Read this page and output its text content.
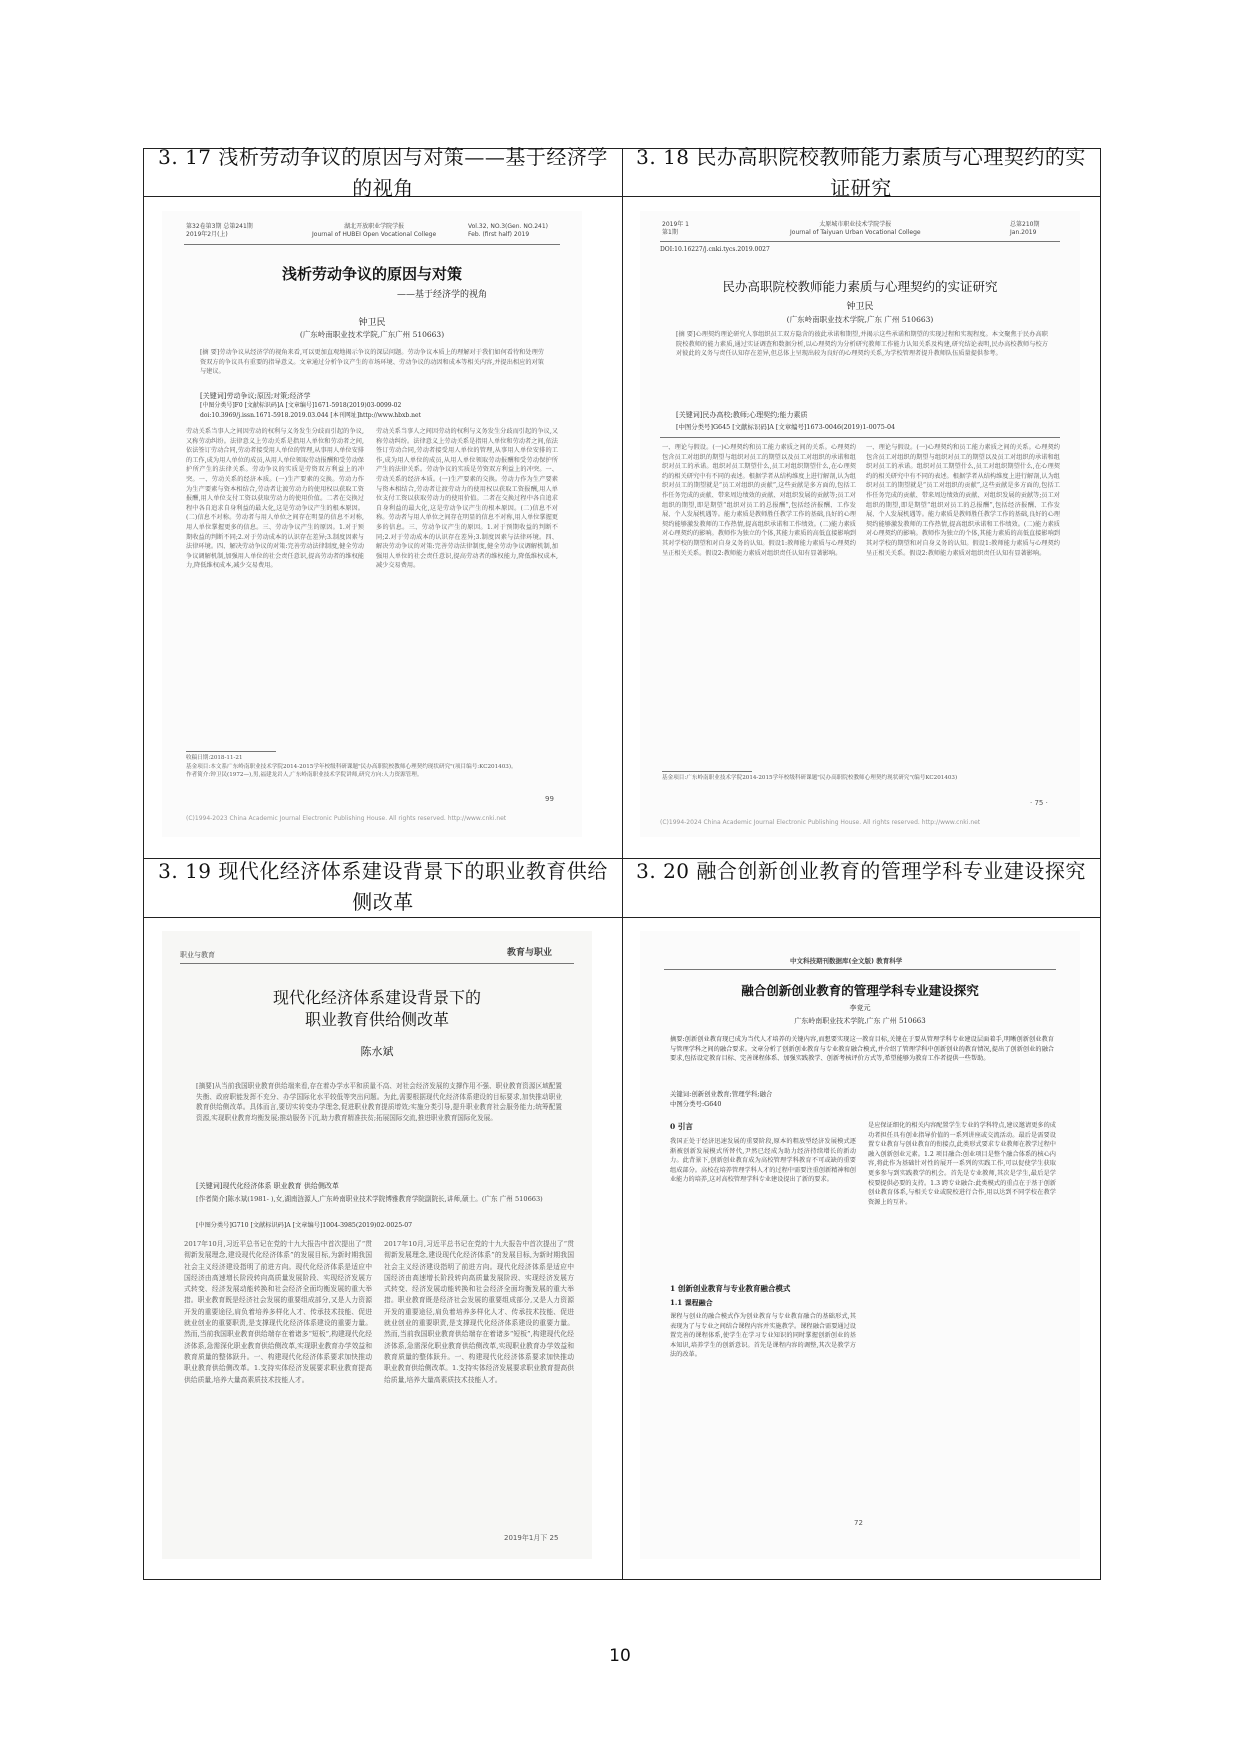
3. 17 浅析劳动争议的原因与对策——基于经济学的视角
3. 18 民办高职院校教师能力素质与心理契约的实证研究
3. 19 现代化经济体系建设背景下的职业教育供给侧改革
3. 20 融合创新创业教育的管理学科专业建设探究
第32卷第3期 总第241期
2019年2月(上)
湖北开放职业学院学报
Journal of HUBEI Open Vocational College
Vol.32, NO.3(Gen. NO.241)
Feb. (first half) 2019
浅析劳动争议的原因与对策
——基于经济学的视角
钟卫民
(广东岭南职业技术学院,广东广州 510663)
[摘 要]劳动争议从经济学的视角来看,可以更加直观地揭示争议的深层问题。劳动争议本质上的理解对于我们如何看待和处理劳资双方的争议具有重要的指导意义。文章通过分析争议产生的市场环境、劳动争议的动因和成本等相关内容,并提出相应的对策与建议。
[关键词]劳动争议;原因;对策;经济学
[中图分类号]F0 [文献标识码]A [文章编号]1671-5918(2019)03-0099-02
doi:10.3969/j.issn.1671-5918.2019.03.044 [本刊网址]http://www.hbxb.net
劳动关系当事人之间因劳动的权利与义务发生分歧而引起的争议,又称劳动纠纷。法律意义上劳动关系是指用人单位和劳动者之间,依法签订劳动合同,劳动者接受用人单位的管理,从事用人单位安排的工作,成为用人单位的成员,从用人单位领取劳动报酬和受劳动保护所产生的法律关系。劳动争议的实质是劳资双方利益上的冲突。一、劳动关系的经济本质。(一)生产要素的交换。劳动力作为生产要素与资本相结合,劳动者让渡劳动力的使用权以获取工资报酬,用人单位支付工资以获取劳动力的使用价值。二者在交换过程中各自追求自身利益的最大化,这是劳动争议产生的根本原因。(二)信息不对称。劳动者与用人单位之间存在明显的信息不对称,用人单位掌握更多的信息。三、劳动争议产生的原因。1.对于预期收益的判断不同;2.对于劳动成本的认识存在差异;3.制度因素与法律环境。四、解决劳动争议的对策:完善劳动法律制度,健全劳动争议调解机制,加强用人单位的社会责任意识,提高劳动者的维权能力,降低维权成本,减少交易费用。
劳动关系当事人之间因劳动的权利与义务发生分歧而引起的争议,又称劳动纠纷。法律意义上劳动关系是指用人单位和劳动者之间,依法签订劳动合同,劳动者接受用人单位的管理,从事用人单位安排的工作,成为用人单位的成员,从用人单位领取劳动报酬和受劳动保护所产生的法律关系。劳动争议的实质是劳资双方利益上的冲突。一、劳动关系的经济本质。(一)生产要素的交换。劳动力作为生产要素与资本相结合,劳动者让渡劳动力的使用权以获取工资报酬,用人单位支付工资以获取劳动力的使用价值。二者在交换过程中各自追求自身利益的最大化,这是劳动争议产生的根本原因。(二)信息不对称。劳动者与用人单位之间存在明显的信息不对称,用人单位掌握更多的信息。三、劳动争议产生的原因。1.对于预期收益的判断不同;2.对于劳动成本的认识存在差异;3.制度因素与法律环境。四、解决劳动争议的对策:完善劳动法律制度,健全劳动争议调解机制,加强用人单位的社会责任意识,提高劳动者的维权能力,降低维权成本,减少交易费用。
收稿日期:2018-11-21
基金项目:本文系广东岭南职业技术学院2014-2015学年校级科研课题"民办高职院校教师心理契约现状研究"(项目编号:KC201403)。
作者简介:钟卫民(1972—),男,福建龙岩人,广东岭南职业技术学院讲师,研究方向:人力资源管理。
99
(C)1994-2023 China Academic Journal Electronic Publishing House. All rights reserved. http://www.cnki.net
2019年 1
第1期
太原城市职业技术学院学报
Journal of Taiyuan Urban Vocational College
总第210期
Jan.2019
DOI:10.16227/j.cnki.tycs.2019.0027
民办高职院校教师能力素质与心理契约的实证研究
钟卫民
(广东岭南职业技术学院,广东 广州 510663)
[摘 要]心理契约理论研究人事组织员工双方隐含的彼此承诺和期望,并揭示这些承诺和期望的实现过程和实现程度。本文聚焦于民办高职院校教师的能力素质,通过实证调查和数据分析,以心理契约为分析研究教师工作能力认知关系及构建,研究结论表明,民办高校教师与校方对彼此的义务与责任认知存在差异,但总体上呈现出较为良好的心理契约关系,为学校管理者提升教师队伍质量提供参考。
[关键词]民办高校;教师;心理契约;能力素质
[中图分类号]G645 [文献标识码]A [文章编号]1673-0046(2019)1-0075-04
一、理论与假设。(一)心理契约和员工能力素质之间的关系。心理契约包含员工对组织的期望与组织对员工的期望以及员工对组织的承诺和组织对员工的承诺。组织对员工期望什么,员工对组织期望什么,在心理契约的相关研究中有不同的表述。根据学者从结构维度上进行解剖,认为组织对员工的期望就是“员工对组织的贡献”,这些贡献是多方面的,包括工作任务完成的贡献、带来周边绩效的贡献、对组织发展的贡献等;员工对组织的期望,即是期望“组织对员工的总报酬”,包括经济报酬、工作发展、个人发展机遇等。能力素质是教师胜任教学工作的基础,良好的心理契约能够激发教师的工作热情,提高组织承诺和工作绩效。(二)能力素质对心理契约的影响。教师作为独立的个体,其能力素质的高低直接影响到其对学校的期望和对自身义务的认知。假设1:教师能力素质与心理契约呈正相关关系。假设2:教师能力素质对组织责任认知有显著影响。
一、理论与假设。(一)心理契约和员工能力素质之间的关系。心理契约包含员工对组织的期望与组织对员工的期望以及员工对组织的承诺和组织对员工的承诺。组织对员工期望什么,员工对组织期望什么,在心理契约的相关研究中有不同的表述。根据学者从结构维度上进行解剖,认为组织对员工的期望就是“员工对组织的贡献”,这些贡献是多方面的,包括工作任务完成的贡献、带来周边绩效的贡献、对组织发展的贡献等;员工对组织的期望,即是期望“组织对员工的总报酬”,包括经济报酬、工作发展、个人发展机遇等。能力素质是教师胜任教学工作的基础,良好的心理契约能够激发教师的工作热情,提高组织承诺和工作绩效。(二)能力素质对心理契约的影响。教师作为独立的个体,其能力素质的高低直接影响到其对学校的期望和对自身义务的认知。假设1:教师能力素质与心理契约呈正相关关系。假设2:教师能力素质对组织责任认知有显著影响。
基金项目:广东岭南职业技术学院2014-2015学年校级科研课题"民办高职院校教师心理契约现状研究"(编号KC201403)
· 75 ·
(C)1994-2024 China Academic Journal Electronic Publishing House. All rights reserved. http://www.cnki.net
职业与教育	教育与职业
现代化经济体系建设背景下的
职业教育供给侧改革
陈水斌
[摘要]从当前我国职业教育供给端来看,存在着办学水平和质量不高、对社会经济发展的支撑作用不强、职业教育资源区域配置失衡、政府职能发挥不充分、办学国际化水平较低等突出问题。为此,需要根据现代化经济体系建设的目标要求,加快推动职业教育供给侧改革。具体而言,要切实转变办学理念,促进职业教育提质增效;实施分类引导,提升职业教育社会服务能力;统筹配置资源,实现职业教育均衡发展;推动服务下沉,助力教育精准扶贫;拓展国际交流,推进职业教育国际化发展。
[关键词]现代化经济体系 职业教育 供给侧改革
[作者简介]陈水斌(1981- ),女,湖南涟源人,广东岭南职业技术学院博雅教育学院副院长,讲师,硕士。(广东 广州 510663)
[中图分类号]G710 [文献标识码]A [文章编号]1004-3985(2019)02-0025-07
2017年10月,习近平总书记在党的十九大报告中首次提出了“贯彻新发展理念,建设现代化经济体系”的发展目标,为新时期我国社会主义经济建设指明了前进方向。现代化经济体系是适应中国经济由高速增长阶段转向高质量发展阶段、实现经济发展方式转变、经济发展动能转换和社会经济全面均衡发展的重大举措。职业教育既是经济社会发展的重要组成部分,又是人力资源开发的重要途径,肩负着培养多样化人才、传承技术技能、促进就业创业的重要职责,是支撑现代化经济体系建设的重要力量。然而,当前我国职业教育供给端存在着诸多“短板”,构建现代化经济体系,急需深化职业教育供给侧改革,实现职业教育办学效益和教育质量的整体跃升。一、构建现代化经济体系要求加快推动职业教育供给侧改革。1.支持实体经济发展要求职业教育提高供给质量,培养大量高素质技术技能人才。
2017年10月,习近平总书记在党的十九大报告中首次提出了“贯彻新发展理念,建设现代化经济体系”的发展目标,为新时期我国社会主义经济建设指明了前进方向。现代化经济体系是适应中国经济由高速增长阶段转向高质量发展阶段、实现经济发展方式转变、经济发展动能转换和社会经济全面均衡发展的重大举措。职业教育既是经济社会发展的重要组成部分,又是人力资源开发的重要途径,肩负着培养多样化人才、传承技术技能、促进就业创业的重要职责,是支撑现代化经济体系建设的重要力量。然而,当前我国职业教育供给端存在着诸多“短板”,构建现代化经济体系,急需深化职业教育供给侧改革,实现职业教育办学效益和教育质量的整体跃升。一、构建现代化经济体系要求加快推动职业教育供给侧改革。1.支持实体经济发展要求职业教育提高供给质量,培养大量高素质技术技能人才。
2019年1月下 25
中文科技期刊数据库(全文版) 教育科学
融合创新创业教育的管理学科专业建设探究
李竞元
广东岭南职业技术学院,广东 广州 510663
摘要:创新创业教育现已成为当代人才培养的关键内容,而想要实现这一教育目标,关键在于要从管理学科专业建设层面着手,明晰创新创业教育与管理学科之间的融合要求。文章分析了创新创业教育与专业教育融合模式,并介绍了管理学科中创新创业的教育情况,提出了创新创业的融合要求,包括设定教育目标、完善课程体系、加强实践教学、创新考核评价方式等,希望能够为教育工作者提供一些帮助。
关键词:创新创业教育;管理学科;融合
中图分类号:G640
0 引言
我国正处于经济迅速发展的重要阶段,原本的粗放型经济发展模式逐渐被创新发展模式所替代,尹然已经成为助力经济持续增长的新动力。此背景下,创新创业教育成为高校管理学科教育不可或缺的重要组成部分。高校在培养管理学科人才的过程中需要注重创新精神和创业能力的培养,这对高校管理学科专业建设提出了新的要求。
1 创新创业教育与专业教育融合模式
1.1 课程融合
课程与创业的融合模式作为创业教育与专业教育融合的基础形式,其表现为了与专业之间结合课程内容并实施教学。课程融合需要通过设置完善的课程体系,使学生在学习专业知识的同时掌握创新创业的基本知识,培养学生的创新意识。首先是课程内容的调整,其次是教学方法的改革。
是应保证细化的相关内容配置学生专业的学科特点,建议邀请更多的成功者担任具有创业指导价值的一系列讲座或交流活动。最后是需要设置专业教育与创业教育的衔接点,此类形式要求专业教师在教学过程中融入创新创业元素。1.2 项目融合:创业项目是整个融合体系的核心内容,将此作为基础针对性的展开一系列的实践工作,可以促使学生获取更多参与到实践教学的机会。首先是专业教师,其次是学生,最后是学校要提供必要的支持。1.3 跨专业融合:此类模式的重点在于基于创新创业教育体系,与相关专业或院校进行合作,用以达到不同学校在教学资源上的互补。
72
10
